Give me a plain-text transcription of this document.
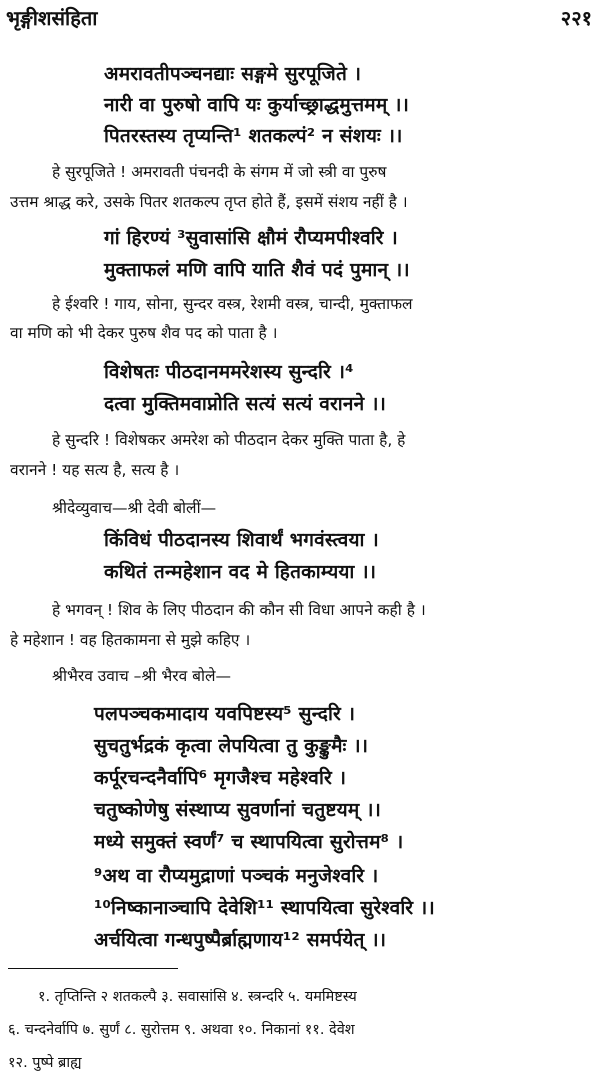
भृङ्गीशसंहिता	२२१
अमरावतीपञ्चनद्याः सङ्गमे सुरपूजिते ।
नारी वा पुरुषो वापि यः कुर्याच्छ्राद्धमुत्तमम् ।।
पितरस्तस्य तृप्यन्ति¹ शतकल्पं² न संशयः ।।
हे सुरपूजिते ! अमरावती पंचनदी के संगम में जो स्त्री वा पुरुष
उत्तम श्राद्ध करे, उसके पितर शतकल्प तृप्त होते हैं, इसमें संशय नहीं है ।
गां हिरण्यं ³सुवासांसि क्षौमं रौप्यमपीश्वरि ।
मुक्ताफलं मणि वापि याति शैवं पदं पुमान् ।।
हे ईश्वरि ! गाय, सोना, सुन्दर वस्त्र, रेशमी वस्त्र, चान्दी, मुक्ताफल
वा मणि को भी देकर पुरुष शैव पद को पाता है ।
विशेषतः पीठदानममरेशस्य सुन्दरि ।⁴
दत्वा मुक्तिमवाप्नोति सत्यं सत्यं वरानने ।।
हे सुन्दरि ! विशेषकर अमरेश को पीठदान देकर मुक्ति पाता है, हे
वरानने ! यह सत्य है, सत्य है ।
श्रीदेव्युवाच—श्री देवी बोलीं—
किंविधं पीठदानस्य शिवार्थं भगवंस्त्वया ।
कथितं तन्महेशान वद मे हितकाम्यया ।।
हे भगवन् ! शिव के लिए पीठदान की कौन सी विधा आपने कही है ।
हे महेशान ! वह हितकामना से मुझे कहिए ।
श्रीभैरव उवाच –श्री भैरव बोले—
पलपञ्चकमादाय यवपिष्टस्य⁵ सुन्दरि ।
सुचतुर्भद्रकं कृत्वा लेपयित्वा तु कुङ्कुमैः ।।
कर्पूरचन्दनैर्वापि⁶ मृगजैश्च महेश्वरि ।
चतुष्कोणेषु संस्थाप्य सुवर्णानां चतुष्टयम् ।।
मध्ये समुक्तं स्वर्णं⁷ च स्थापयित्वा सुरोत्तम⁸ ।
⁹अथ वा रौप्यमुद्राणां पञ्चकं मनुजेश्वरि ।
¹⁰निष्कानाञ्चापि देवेशि¹¹ स्थापयित्वा सुरेश्वरि ।।
अर्चयित्वा गन्धपुष्पैर्ब्राह्मणाय¹² समर्पयेत् ।।
१. तृप्तिन्ति २ शतकल्पै ३. सवासांसि ४. स्त्रन्दरि ५. यममिष्टस्य
६. चन्दनेर्वापि ७. सुर्णं ८. सुरोत्तम ९. अथवा १०. निकानां ११. देवेश
१२. पुष्पे ब्राह्य
